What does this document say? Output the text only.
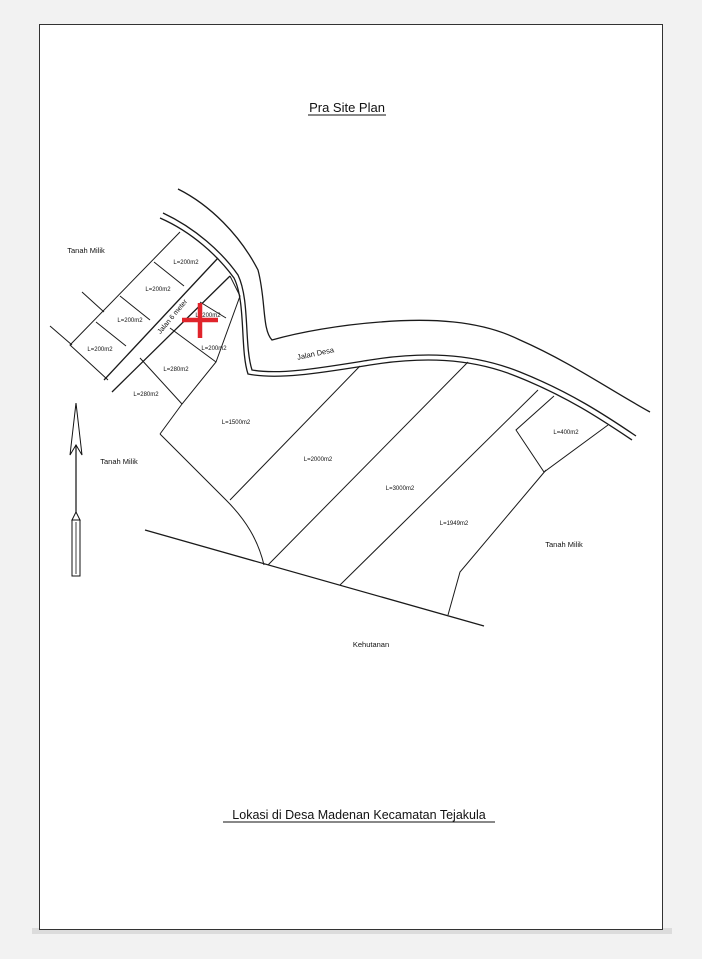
Pra Site Plan
L=200m2
L=200m2
L=200m2
L=200m2
L=200m2
L=200m2
L=280m2
L=280m2
L=1500m2
L=2000m2
L=3000m2
L=1949m2
L=400m2
Tanah Milik
Tanah Milik
Tanah Milik
Kehutanan
Jalan Desa
Jalan 6 meter
Lokasi di Desa Madenan Kecamatan Tejakula
